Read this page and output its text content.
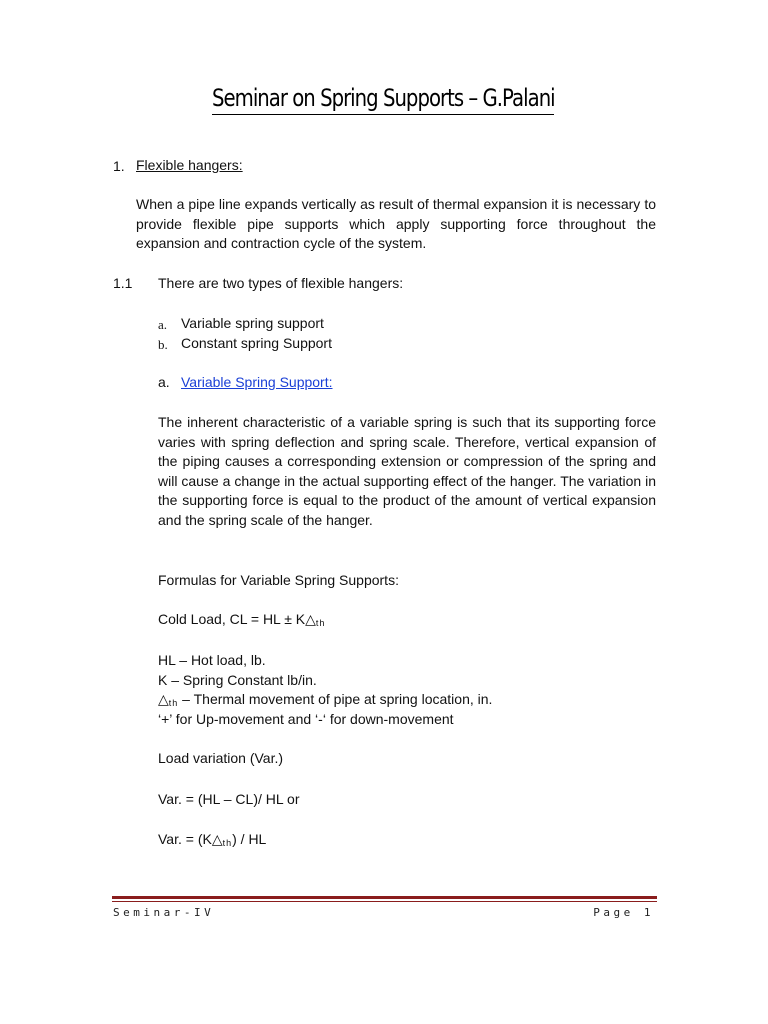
Seminar on Spring Supports – G.Palani
1. Flexible hangers:
When a pipe line expands vertically as result of thermal expansion it is necessary to provide flexible pipe supports which apply supporting force throughout the expansion and contraction cycle of the system.
1.1 There are two types of flexible hangers:
a. Variable spring support
b. Constant spring Support
a. Variable Spring Support:
The inherent characteristic of a variable spring is such that its supporting force varies with spring deflection and spring scale. Therefore, vertical expansion of the piping causes a corresponding extension or compression of the spring and will cause a change in the actual supporting effect of the hanger. The variation in the supporting force is equal to the product of the amount of vertical expansion and the spring scale of the hanger.
Formulas for Variable Spring Supports:
Cold Load, CL = HL ± $K\triangle_{th}$
HL – Hot load, lb.
K – Spring Constant lb/in.
$\triangle_{th}$ – Thermal movement of pipe at spring location, in.
‘+’ for Up-movement and ‘-‘ for down-movement
Load variation (Var.)
Var. = (HL – CL)/ HL or
Var. = $(K\triangle_{th})$ / HL
Seminar-IV	Page 1
